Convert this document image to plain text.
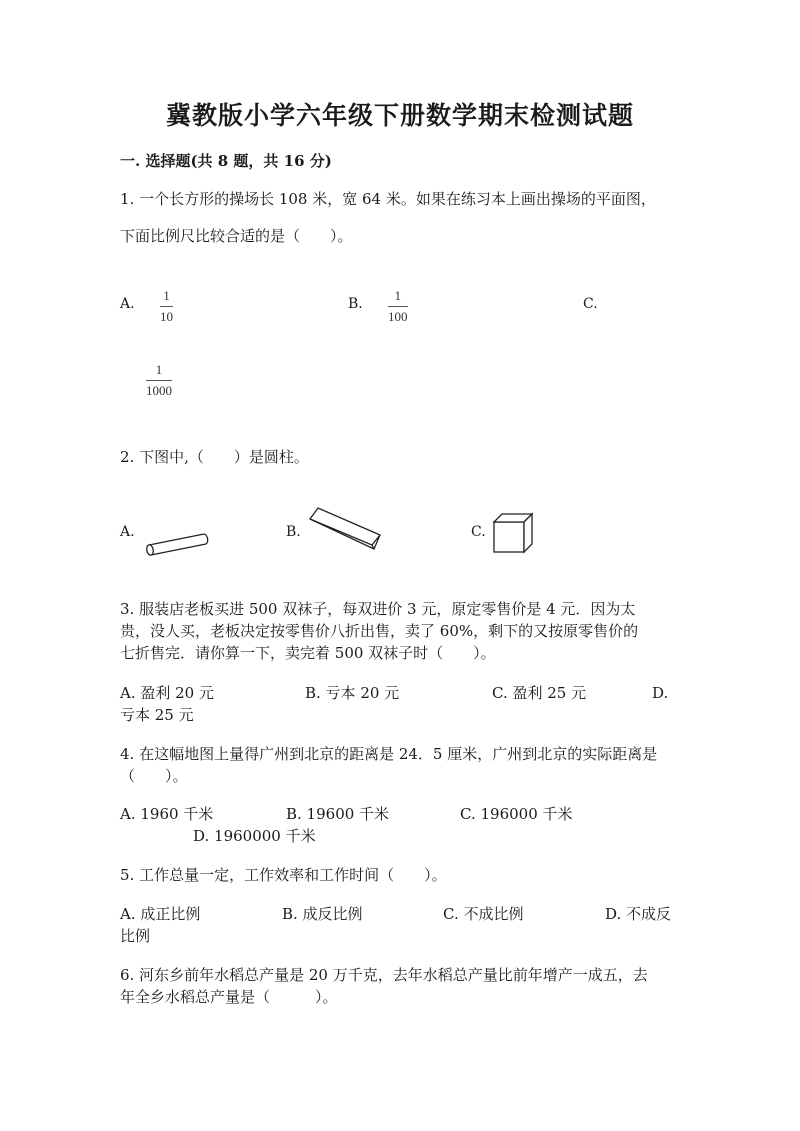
冀教版小学六年级下册数学期末检测试题
一. 选择题(共 8 题，共 16 分)
1. 一个长方形的操场长 108 米，宽 64 米。如果在练习本上画出操场的平面图，
下面比例尺比较合适的是（　　）。
A.
1
10
B.
1
100
C.
1
1000
2. 下图中,（　　）是圆柱。
A.	B.	C.
3. 服装店老板买进 500 双袜子，每双进价 3 元，原定零售价是 4 元．因为太
贵，没人买，老板决定按零售价八折出售，卖了 60%，剩下的又按原零售价的
七折售完．请你算一下，卖完着 500 双袜子时（　　）。
A. 盈利 20 元	B. 亏本 20 元	C. 盈利 25 元	D.
亏本 25 元
4. 在这幅地图上量得广州到北京的距离是 24．5 厘米，广州到北京的实际距离是
（　　）。
A. 1960 千米	B. 19600 千米	C. 196000 千米
D. 1960000 千米
5. 工作总量一定，工作效率和工作时间（　　）。
A. 成正比例	B. 成反比例	C. 不成比例	D. 不成反
比例
6. 河东乡前年水稻总产量是 20 万千克，去年水稻总产量比前年增产一成五，去
年全乡水稻总产量是（　　　）。
